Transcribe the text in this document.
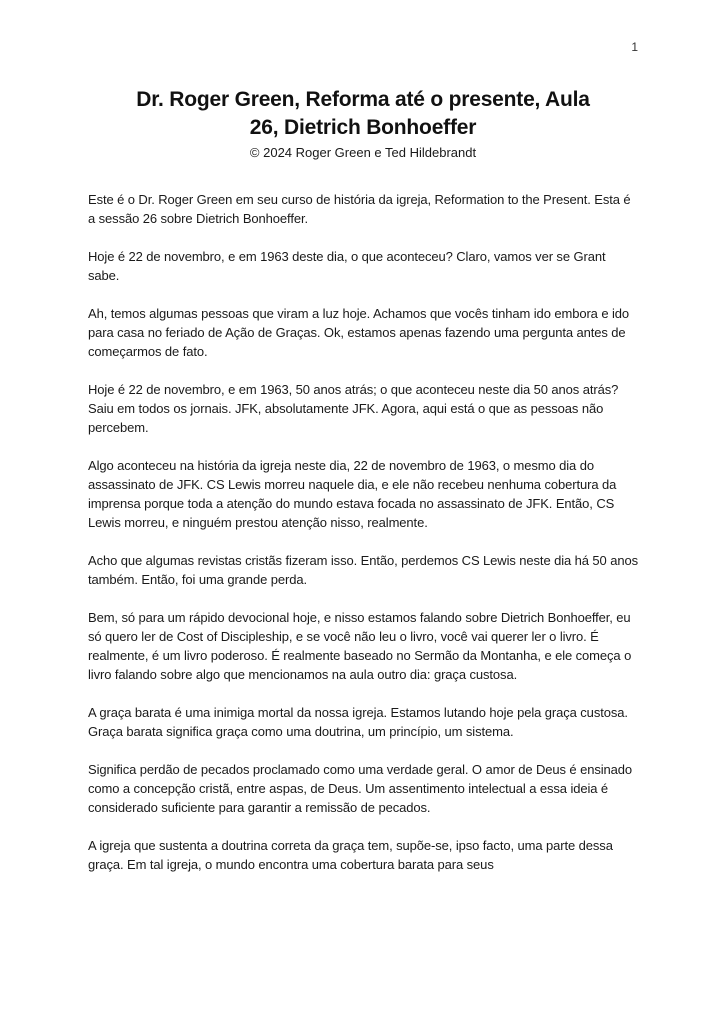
1
Dr. Roger Green, Reforma até o presente, Aula
26, Dietrich Bonhoeffer
© 2024 Roger Green e Ted Hildebrandt

Este é o Dr. Roger Green em seu curso de história da igreja, Reformation to the Present. Esta é a sessão 26 sobre Dietrich Bonhoeffer.

Hoje é 22 de novembro, e em 1963 deste dia, o que aconteceu? Claro, vamos ver se Grant sabe.

Ah, temos algumas pessoas que viram a luz hoje. Achamos que vocês tinham ido embora e ido para casa no feriado de Ação de Graças. Ok, estamos apenas fazendo uma pergunta antes de começarmos de fato.

Hoje é 22 de novembro, e em 1963, 50 anos atrás; o que aconteceu neste dia 50 anos atrás? Saiu em todos os jornais. JFK, absolutamente JFK. Agora, aqui está o que as pessoas não percebem.

Algo aconteceu na história da igreja neste dia, 22 de novembro de 1963, o mesmo dia do assassinato de JFK. CS Lewis morreu naquele dia, e ele não recebeu nenhuma cobertura da imprensa porque toda a atenção do mundo estava focada no assassinato de JFK. Então, CS Lewis morreu, e ninguém prestou atenção nisso, realmente.

Acho que algumas revistas cristãs fizeram isso. Então, perdemos CS Lewis neste dia há 50 anos também. Então, foi uma grande perda.

Bem, só para um rápido devocional hoje, e nisso estamos falando sobre Dietrich Bonhoeffer, eu só quero ler de Cost of Discipleship, e se você não leu o livro, você vai querer ler o livro. É realmente, é um livro poderoso. É realmente baseado no Sermão da Montanha, e ele começa o livro falando sobre algo que mencionamos na aula outro dia: graça custosa.

A graça barata é uma inimiga mortal da nossa igreja. Estamos lutando hoje pela graça custosa. Graça barata significa graça como uma doutrina, um princípio, um sistema.

Significa perdão de pecados proclamado como uma verdade geral. O amor de Deus é ensinado como a concepção cristã, entre aspas, de Deus. Um assentimento intelectual a essa ideia é considerado suficiente para garantir a remissão de pecados.

A igreja que sustenta a doutrina correta da graça tem, supõe-se, ipso facto, uma parte dessa graça. Em tal igreja, o mundo encontra uma cobertura barata para seus
